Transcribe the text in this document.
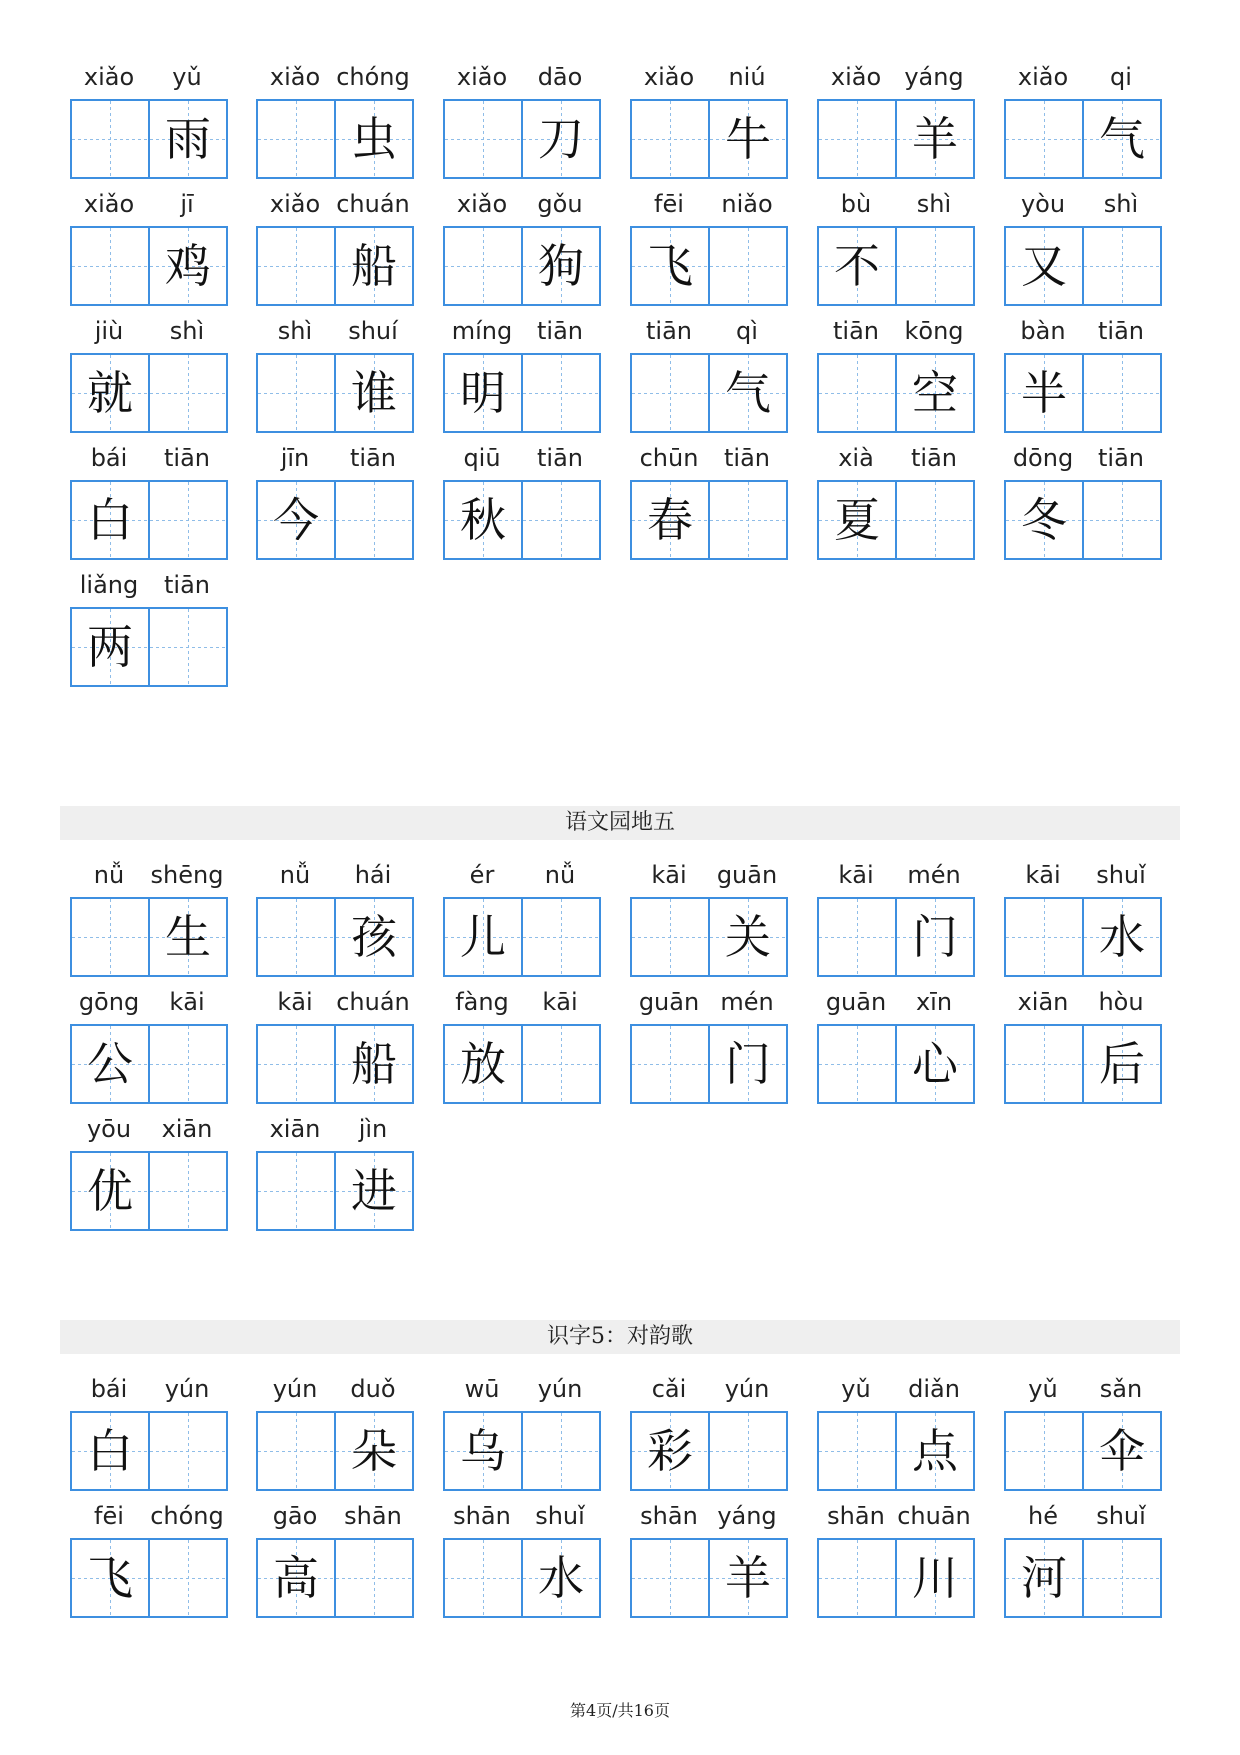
xiǎo	yǔ
雨
xiǎo chóng
虫
xiǎo	dāo
刀
xiǎo	niú
牛
xiǎo yáng
羊
xiǎo	qi
气
xiǎo	jī
鸡
xiǎo chuán
船
xiǎo	gǒu
狗
fēi	niǎo
飞
bù	shì
不
yòu	shì
又
jiù	shì
就
shì	shuí
谁
míng	tiān
明
tiān	qì
气
tiān	kōng
空
bàn	tiān
半
bái	tiān
白
jīn	tiān
今
qiū	tiān
秋
chūn	tiān
春
xià	tiān
夏
dōng	tiān
冬
liǎng	tiān
两
语文园地五
nǚ	shēng
生
nǚ	hái
孩
ér	nǚ
儿
kāi	guān
关
kāi	mén
门
kāi	shuǐ
水
gōng	kāi
公
kāi chuán
船
fàng	kāi
放
guān mén
门
guān	xīn
心
xiān	hòu
后
yōu	xiān
优
xiān	jìn
进
识字5：对韵歌
bái	yún
白
yún	duǒ
朵
wū	yún
乌
cǎi	yún
彩
yǔ	diǎn
点
yǔ	sǎn
伞
fēi	chóng
飞
gāo	shān
高
shān	shuǐ
水
shān yáng
羊
shān chuān
川
hé	shuǐ
河
第4页/共16页
